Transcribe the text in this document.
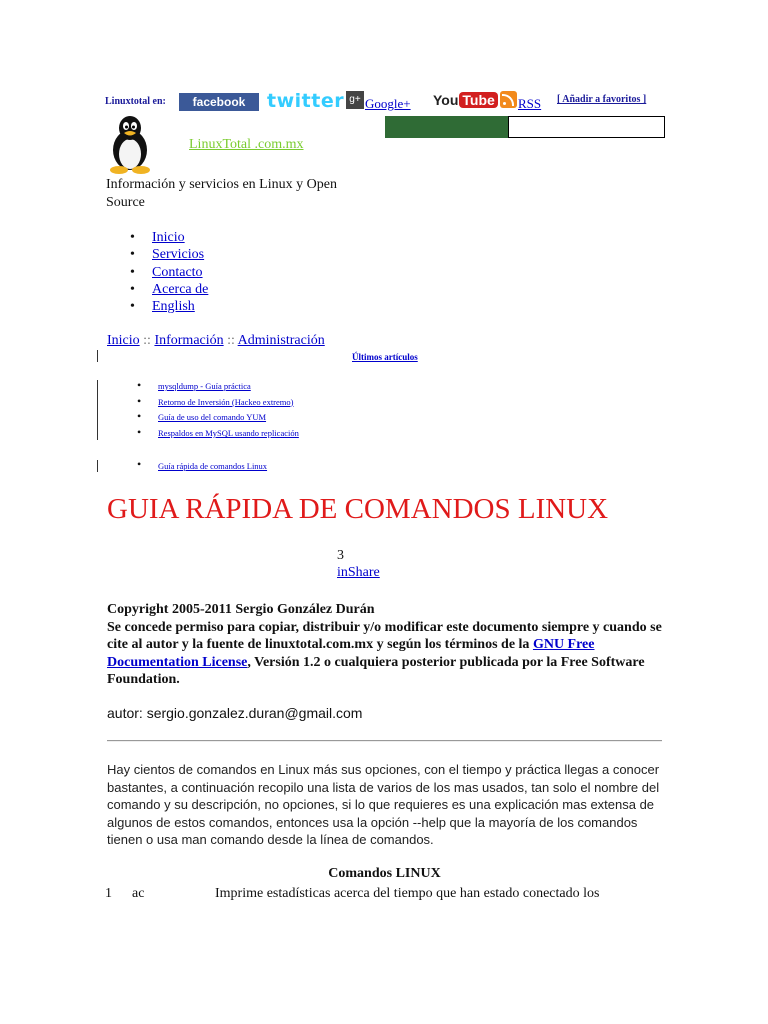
Linuxtotal en:	facebook	twitter g+ Google+ You Tube RSS [ Añadir a favoritos ]
LinuxTotal .com.mx
Información y servicios en Linux y Open Source
• Inicio
• Servicios
• Contacto
• Acerca de
• English
Inicio :: Información :: Administración
Últimos artículos
• mysqldump - Guía práctica
• Retorno de Inversión (Hackeo extremo)
• Guía de uso del comando YUM
• Respaldos en MySQL usando replicación
• Guía rápida de comandos Linux
GUIA RÁPIDA DE COMANDOS LINUX
3
inShare
Copyright 2005-2011 Sergio González Durán
Se concede permiso para copiar, distribuir y/o modificar este documento siempre y cuando se cite al autor y la fuente de linuxtotal.com.mx y según los términos de la GNU Free Documentation License, Versión 1.2 o cualquiera posterior publicada por la Free Software Foundation.
autor: sergio.gonzalez.duran@gmail.com
Hay cientos de comandos en Linux más sus opciones, con el tiempo y práctica llegas a conocer bastantes, a continuación recopilo una lista de varios de los mas usados, tan solo el nombre del comando y su descripción, no opciones, si lo que requieres es una explicación mas extensa de algunos de estos comandos, entonces usa la opción --help que la mayoría de los comandos tienen o usa man comando desde la línea de comandos.
Comandos LINUX
1 ac	Imprime estadísticas acerca del tiempo que han estado conectado los
